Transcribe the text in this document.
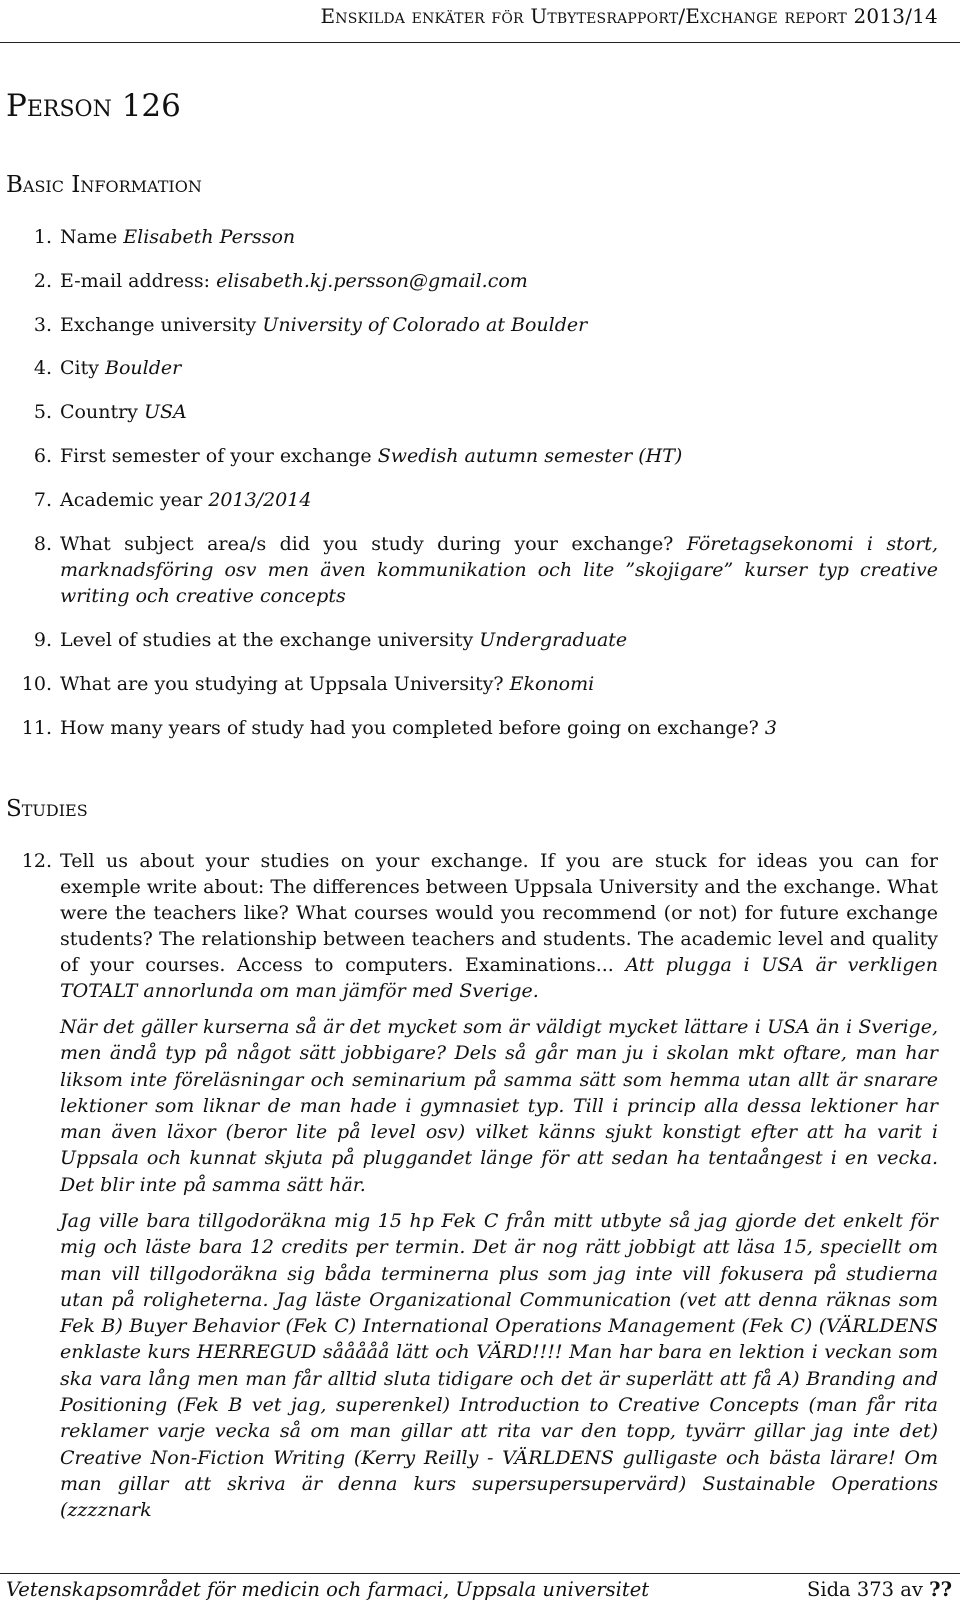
Enskilda enkäter för Utbytesrapport/Exchange report 2013/14
Person 126
Basic Information
1. Name Elisabeth Persson
2. E-mail address: elisabeth.kj.persson@gmail.com
3. Exchange university University of Colorado at Boulder
4. City Boulder
5. Country USA
6. First semester of your exchange Swedish autumn semester (HT)
7. Academic year 2013/2014
8. What subject area/s did you study during your exchange? Företagsekonomi i stort, marknadsföring osv men även kommunikation och lite ”skojigare” kurser typ creative writing och creative concepts
9. Level of studies at the exchange university Undergraduate
10. What are you studying at Uppsala University? Ekonomi
11. How many years of study had you completed before going on exchange? 3
Studies
12. Tell us about your studies on your exchange. If you are stuck for ideas you can for exemple write about: The differences between Uppsala University and the exchange. What were the teachers like? What courses would you recommend (or not) for future exchange students? The relationship between teachers and students. The academic level and quality of your courses. Access to computers. Examinations... Att plugga i USA är verkligen TOTALT annorlunda om man jämför med Sverige.
När det gäller kurserna så är det mycket som är väldigt mycket lättare i USA än i Sverige, men ändå typ på något sätt jobbigare? Dels så går man ju i skolan mkt oftare, man har liksom inte föreläsningar och seminarium på samma sätt som hemma utan allt är snarare lektioner som liknar de man hade i gymnasiet typ. Till i princip alla dessa lektioner har man även läxor (beror lite på level osv) vilket känns sjukt konstigt efter att ha varit i Uppsala och kunnat skjuta på pluggandet länge för att sedan ha tentaångest i en vecka. Det blir inte på samma sätt här.
Jag ville bara tillgodoräkna mig 15 hp Fek C från mitt utbyte så jag gjorde det enkelt för mig och läste bara 12 credits per termin. Det är nog rätt jobbigt att läsa 15, speciellt om man vill tillgodoräkna sig båda terminerna plus som jag inte vill fokusera på studierna utan på roligheterna. Jag läste Organizational Communication (vet att denna räknas som Fek B) Buyer Behavior (Fek C) International Operations Management (Fek C) (VÄRLDENS enklaste kurs HERREGUD sååååå lätt och VÄRD!!!! Man har bara en lektion i veckan som ska vara lång men man får alltid sluta tidigare och det är superlätt att få A) Branding and Positioning (Fek B vet jag, superenkel) Introduction to Creative Concepts (man får rita reklamer varje vecka så om man gillar att rita var den topp, tyvärr gillar jag inte det) Creative Non-Fiction Writing (Kerry Reilly - VÄRLDENS gulligaste och bästa lärare! Om man gillar att skriva är denna kurs supersupersupervärd) Sustainable Operations (zzzznark
Vetenskapsområdet för medicin och farmaci, Uppsala universitet	Sida 373 av ??
